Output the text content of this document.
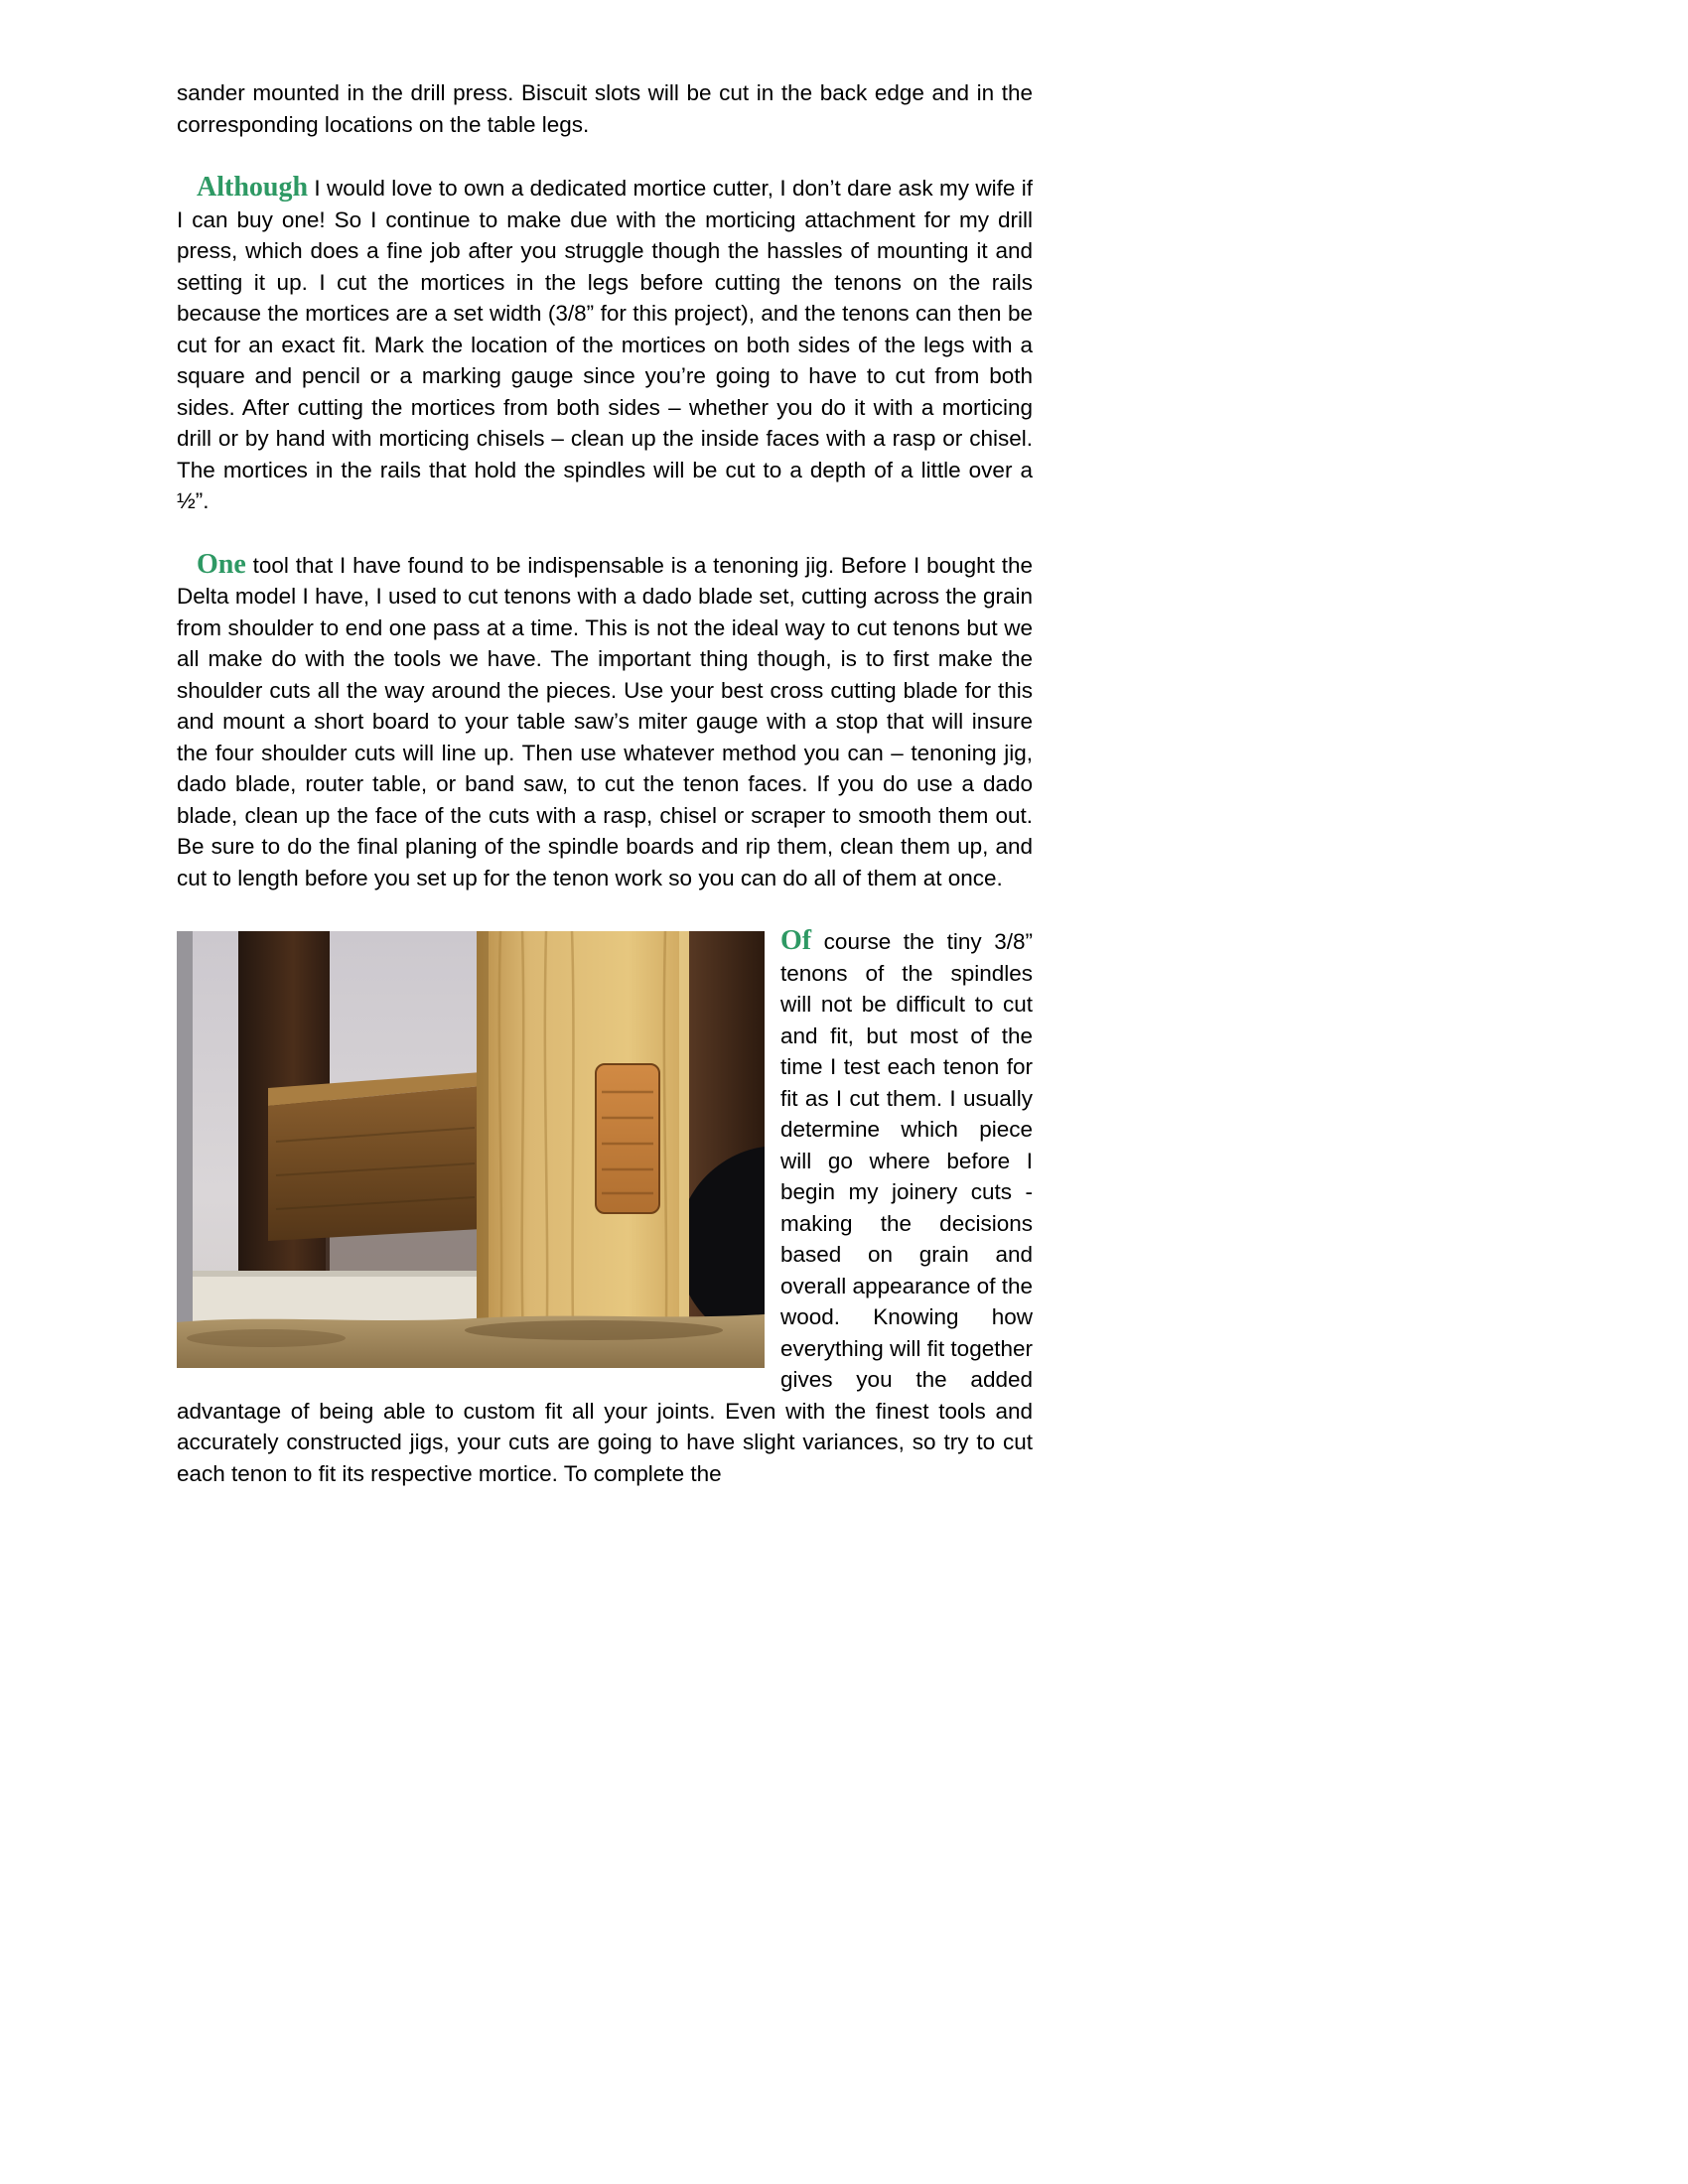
sander mounted in the drill press. Biscuit slots will be cut in the back edge and in the corresponding locations on the table legs.

Although I would love to own a dedicated mortice cutter, I don’t dare ask my wife if I can buy one! So I continue to make due with the morticing attachment for my drill press, which does a fine job after you struggle though the hassles of mounting it and setting it up. I cut the mortices in the legs before cutting the tenons on the rails because the mortices are a set width (3/8” for this project), and the tenons can then be cut for an exact fit. Mark the location of the mortices on both sides of the legs with a square and pencil or a marking gauge since you’re going to have to cut from both sides. After cutting the mortices from both sides – whether you do it with a morticing drill or by hand with morticing chisels – clean up the inside faces with a rasp or chisel. The mortices in the rails that hold the spindles will be cut to a depth of a little over a ½”.

One tool that I have found to be indispensable is a tenoning jig. Before I bought the Delta model I have, I used to cut tenons with a dado blade set, cutting across the grain from shoulder to end one pass at a time. This is not the ideal way to cut tenons but we all make do with the tools we have. The important thing though, is to first make the shoulder cuts all the way around the pieces. Use your best cross cutting blade for this and mount a short board to your table saw’s miter gauge with a stop that will insure the four shoulder cuts will line up. Then use whatever method you can – tenoning jig, dado blade, router table, or band saw, to cut the tenon faces. If you do use a dado blade, clean up the face of the cuts with a rasp, chisel or scraper to smooth them out. Be sure to do the final planing of the spindle boards and rip them, clean them up, and cut to length before you set up for the tenon work so you can do all of them at once.

Of course the tiny 3/8” tenons of the spindles will not be difficult to cut and fit, but most of the time I test each tenon for fit as I cut them. I usually determine which piece will go where before I begin my joinery cuts - making the decisions based on grain and overall appearance of the wood. Knowing how everything will fit together gives you the added advantage of being able to custom fit all your joints. Even with the finest tools and accurately constructed jigs, your cuts are going to have slight variances, so try to cut each tenon to fit its respective mortice. To complete the
